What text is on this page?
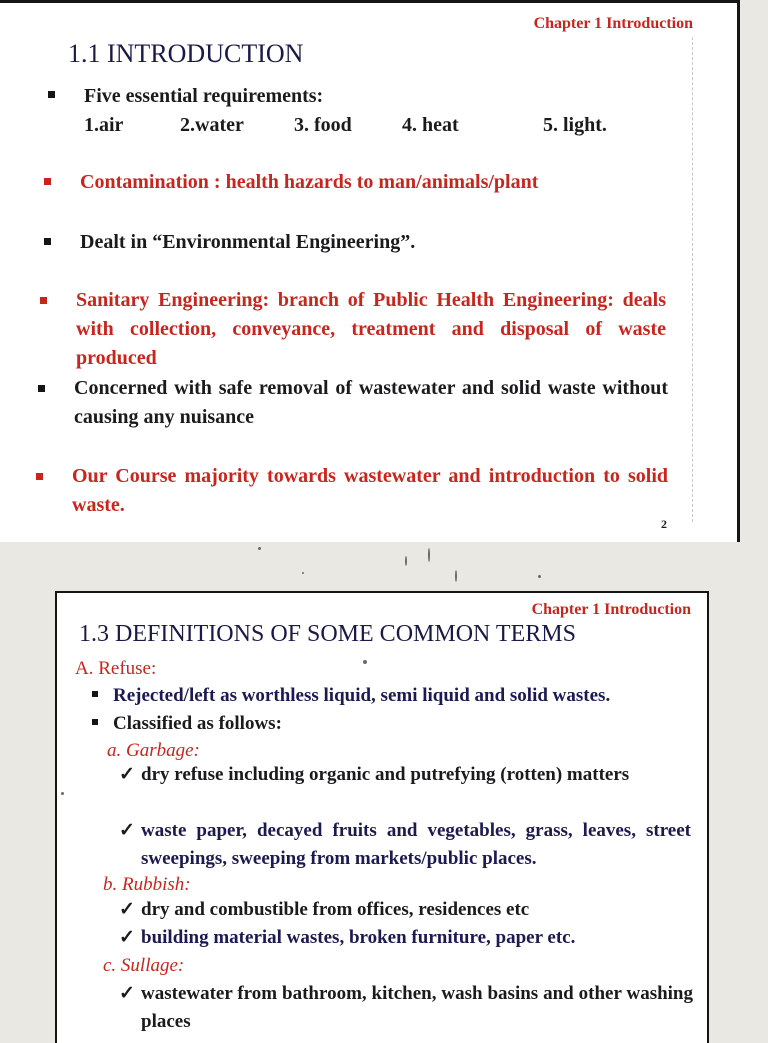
Chapter 1 Introduction
1.1 INTRODUCTION
Five essential requirements:
1.air	2.water	3. food	4. heat	5. light.
Contamination : health hazards to man/animals/plant
Dealt in “Environmental Engineering”.
Sanitary Engineering: branch of Public Health Engineering: deals with collection, conveyance, treatment and disposal of waste produced
Concerned with safe removal of wastewater and solid waste without causing any nuisance
Our Course majority towards wastewater and introduction to solid waste.
2
Chapter 1 Introduction
1.3 DEFINITIONS OF SOME COMMON TERMS
A. Refuse:
Rejected/left as worthless liquid, semi liquid and solid wastes.
Classified as follows:
a. Garbage:
✓ dry refuse including organic and putrefying (rotten) matters
✓ waste paper, decayed fruits and vegetables, grass, leaves, street sweepings, sweeping from markets/public places.
b. Rubbish:
✓ dry and combustible from offices, residences etc
✓ building material wastes, broken furniture, paper etc.
c. Sullage:
✓ wastewater from bathroom, kitchen, wash basins and other washing places
